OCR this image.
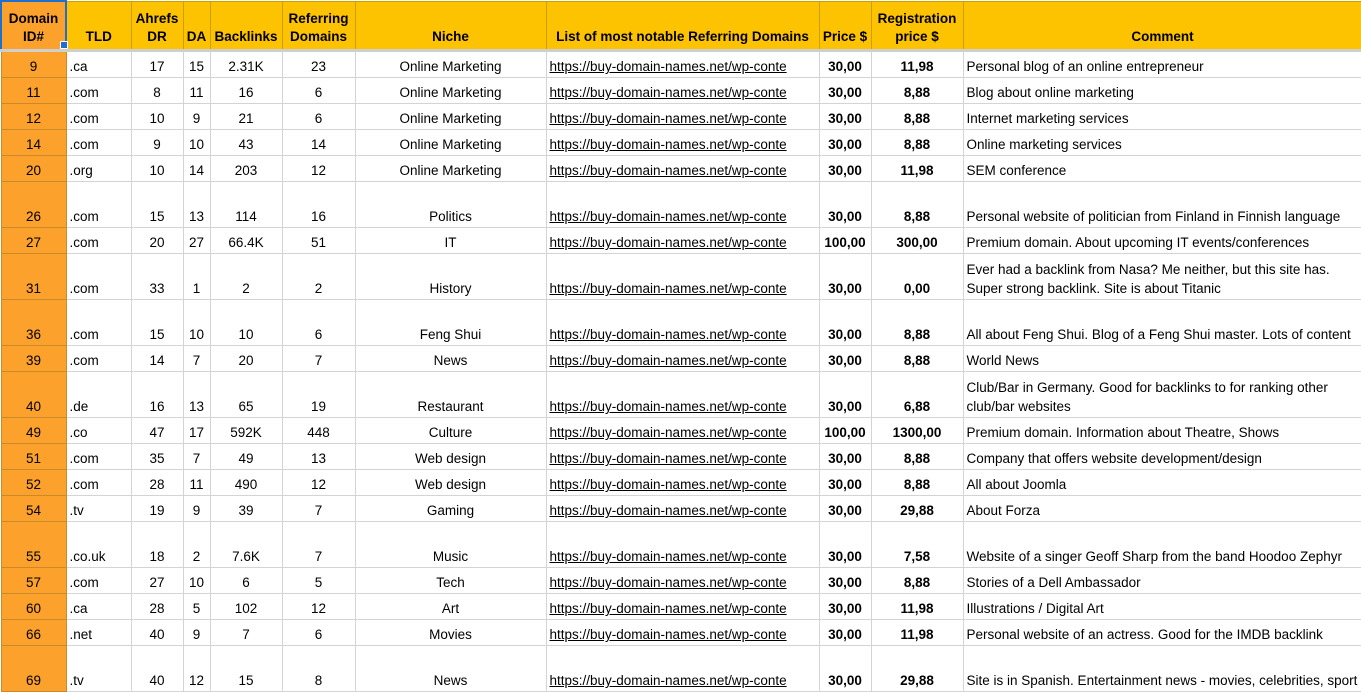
Domain ID#	TLD	Ahrefs DR	DA	Backlinks	Referring Domains	Niche	List of most notable Referring Domains	Price $	Registration price $	Comment
9	.ca	17	15	2.31K	23	Online Marketing	https://buy-domain-names.net/wp-conte	30,00	11,98	Personal blog of an online entrepreneur
11	.com	8	11	16	6	Online Marketing	https://buy-domain-names.net/wp-conte	30,00	8,88	Blog about online marketing
12	.com	10	9	21	6	Online Marketing	https://buy-domain-names.net/wp-conte	30,00	8,88	Internet marketing services
14	.com	9	10	43	14	Online Marketing	https://buy-domain-names.net/wp-conte	30,00	8,88	Online marketing services
20	.org	10	14	203	12	Online Marketing	https://buy-domain-names.net/wp-conte	30,00	11,98	SEM conference
26	.com	15	13	114	16	Politics	https://buy-domain-names.net/wp-conte	30,00	8,88	Personal website of politician from Finland in Finnish language
27	.com	20	27	66.4K	51	IT	https://buy-domain-names.net/wp-conte	100,00	300,00	Premium domain. About upcoming IT events/conferences
31	.com	33	1	2	2	History	https://buy-domain-names.net/wp-conte	30,00	0,00	Ever had a backlink from Nasa? Me neither, but this site has. Super strong backlink. Site is about Titanic
36	.com	15	10	10	6	Feng Shui	https://buy-domain-names.net/wp-conte	30,00	8,88	All about Feng Shui. Blog of a Feng Shui master. Lots of content
39	.com	14	7	20	7	News	https://buy-domain-names.net/wp-conte	30,00	8,88	World News
40	.de	16	13	65	19	Restaurant	https://buy-domain-names.net/wp-conte	30,00	6,88	Club/Bar in Germany. Good for backlinks to for ranking other club/bar websites
49	.co	47	17	592K	448	Culture	https://buy-domain-names.net/wp-conte	100,00	1300,00	Premium domain. Information about Theatre, Shows
51	.com	35	7	49	13	Web design	https://buy-domain-names.net/wp-conte	30,00	8,88	Company that offers website development/design
52	.com	28	11	490	12	Web design	https://buy-domain-names.net/wp-conte	30,00	8,88	All about Joomla
54	.tv	19	9	39	7	Gaming	https://buy-domain-names.net/wp-conte	30,00	29,88	About Forza
55	.co.uk	18	2	7.6K	7	Music	https://buy-domain-names.net/wp-conte	30,00	7,58	Website of a singer Geoff Sharp from the band Hoodoo Zephyr
57	.com	27	10	6	5	Tech	https://buy-domain-names.net/wp-conte	30,00	8,88	Stories of a Dell Ambassador
60	.ca	28	5	102	12	Art	https://buy-domain-names.net/wp-conte	30,00	11,98	Illustrations / Digital Art
66	.net	40	9	7	6	Movies	https://buy-domain-names.net/wp-conte	30,00	11,98	Personal website of an actress. Good for the IMDB backlink
69	.tv	40	12	15	8	News	https://buy-domain-names.net/wp-conte	30,00	29,88	Site is in Spanish. Entertainment news - movies, celebrities, sport
